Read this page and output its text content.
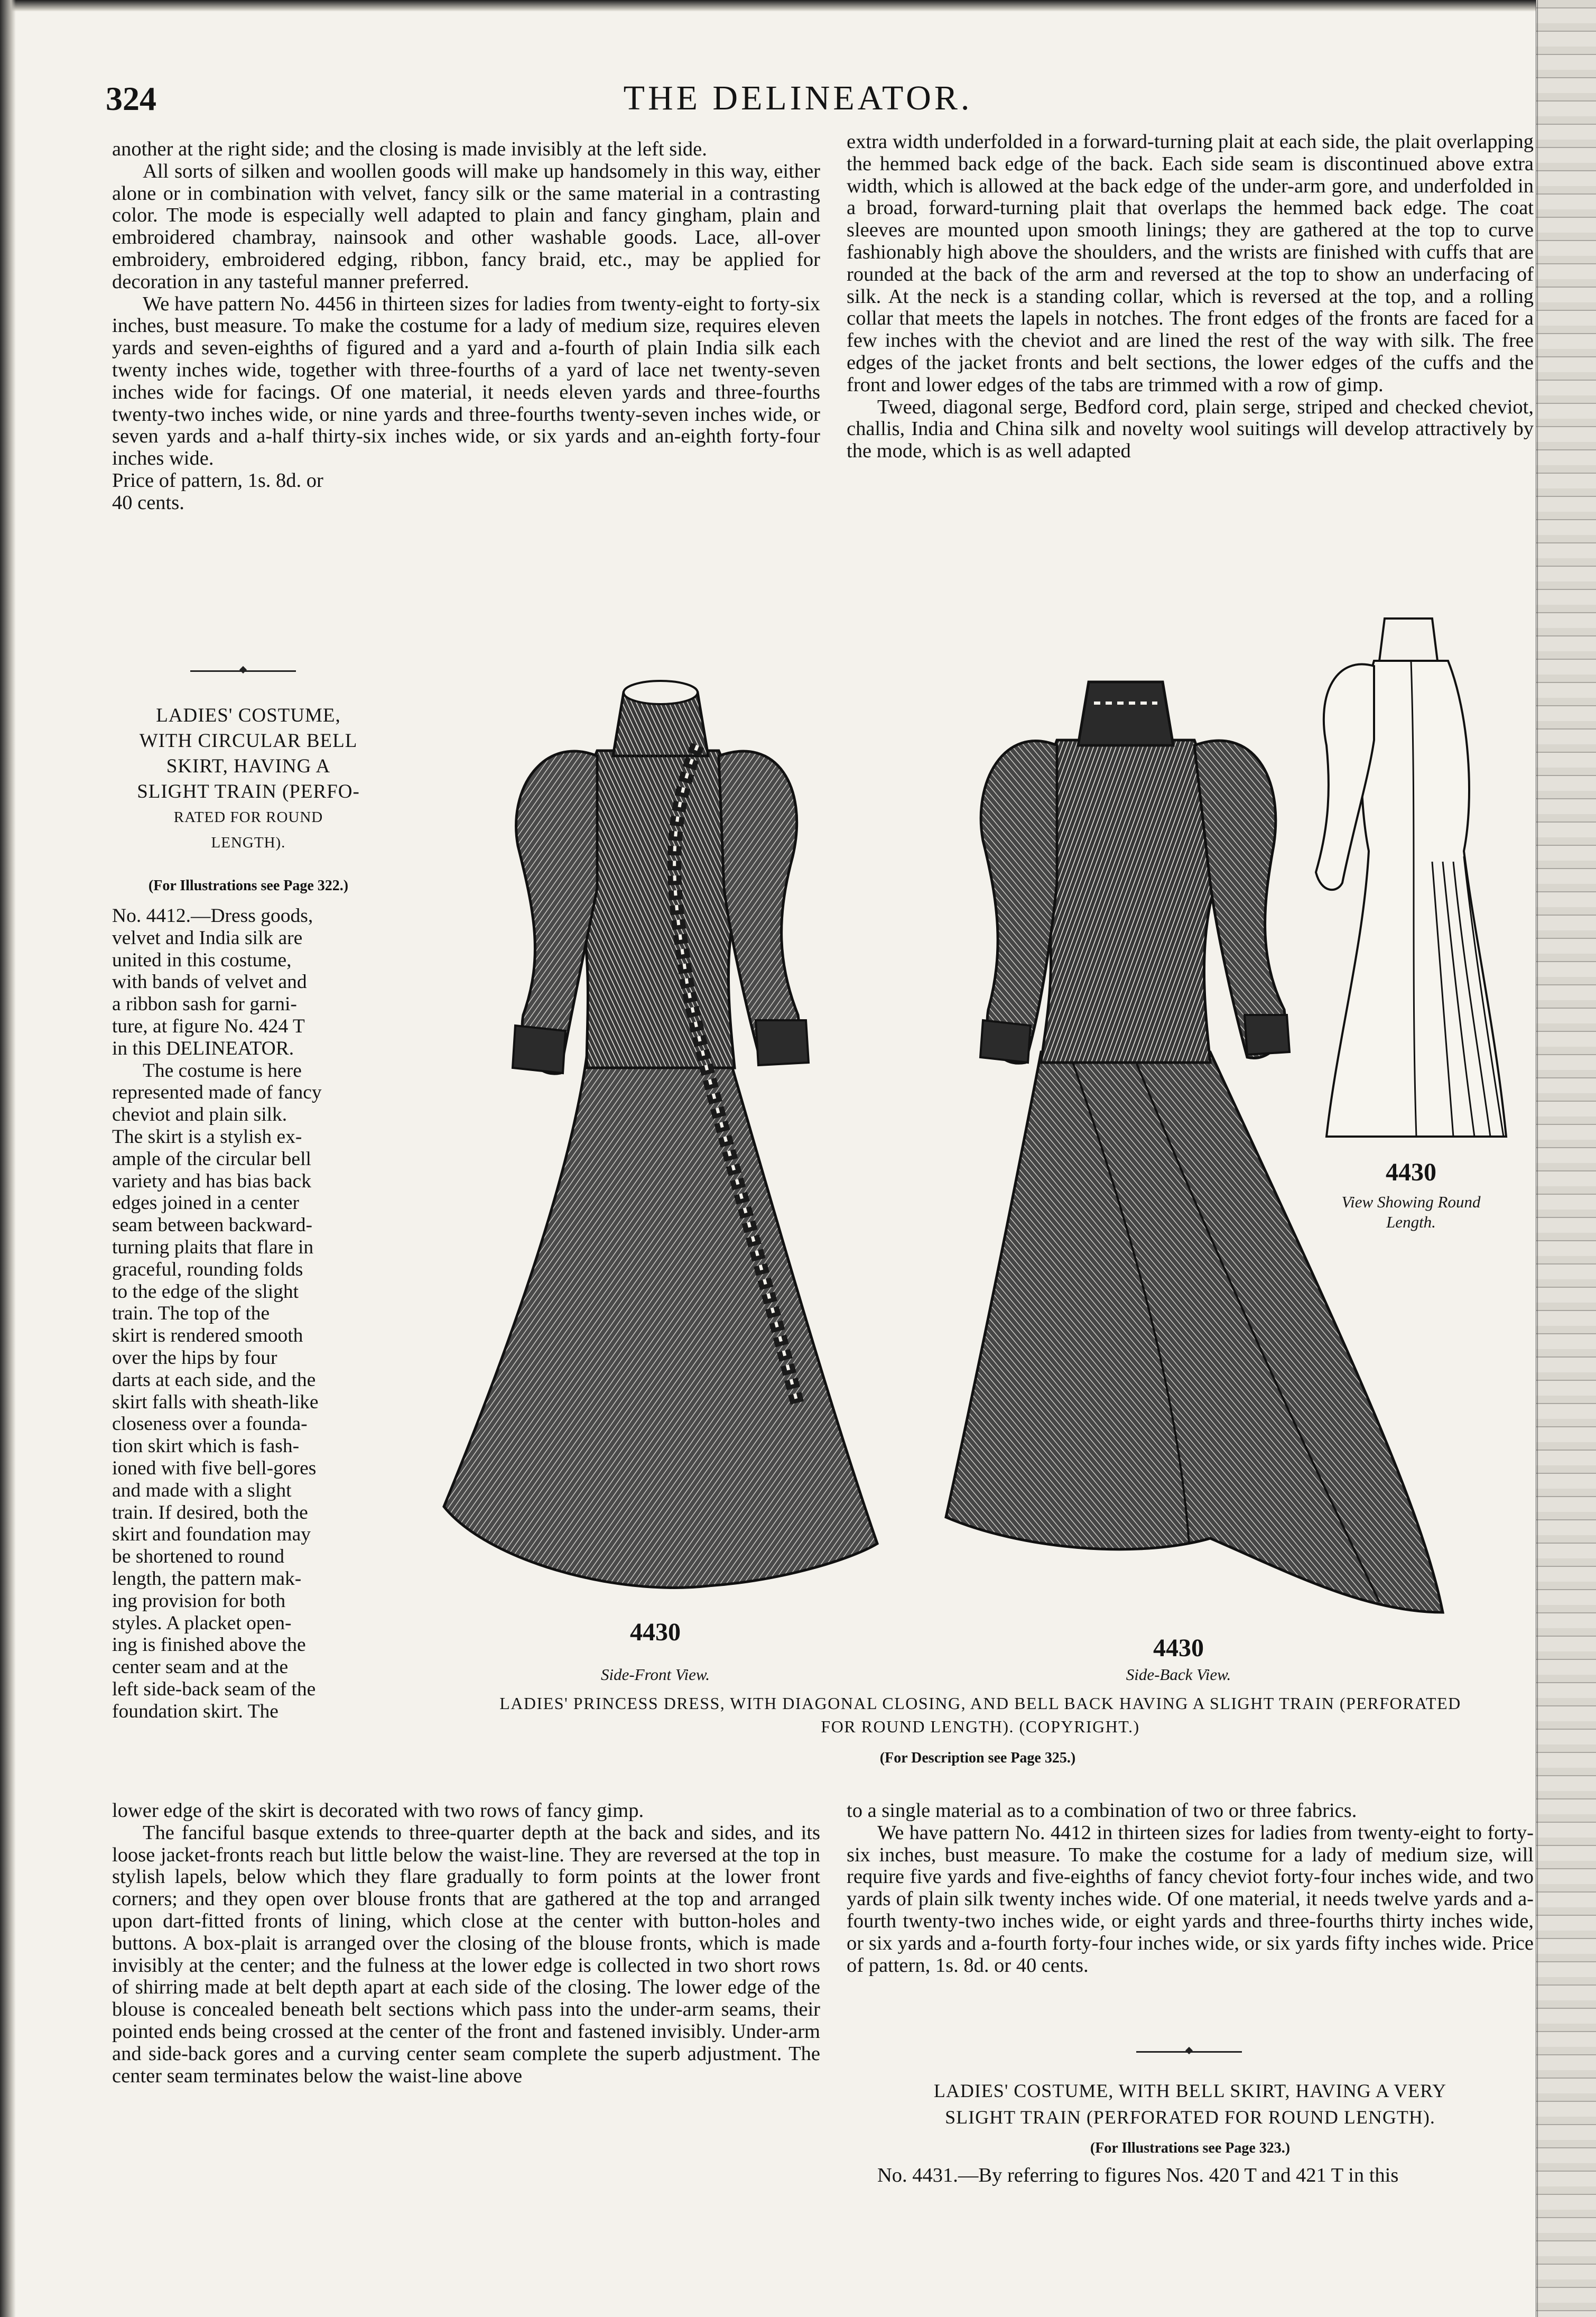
324	THE DELINEATOR.

another at the right side; and the closing is made invisibly at the left side.

All sorts of silken and woollen goods will make up handsomely in this way, either alone or in combination with velvet, fancy silk or the same material in a contrasting color. The mode is especially well adapted to plain and fancy gingham, plain and embroidered chambray, nainsook and other washable goods. Lace, all-over embroidery, embroidered edging, ribbon, fancy braid, etc., may be applied for decoration in any tasteful manner preferred.

We have pattern No. 4456 in thirteen sizes for ladies from twenty-eight to forty-six inches, bust measure. To make the costume for a lady of medium size, requires eleven yards and seven-eighths of figured and a yard and a-fourth of plain India silk each twenty inches wide, together with three-fourths of a yard of lace net twenty-seven inches wide for facings. Of one material, it needs eleven yards and three-fourths twenty-two inches wide, or nine yards and three-fourths twenty-seven inches wide, or seven yards and a-half thirty-six inches wide, or six yards and an-eighth forty-four inches wide.

Price of pattern, 1s. 8d. or

40 cents.

extra width underfolded in a forward-turning plait at each side, the plait overlapping the hemmed back edge of the back. Each side seam is discontinued above extra width, which is allowed at the back edge of the under-arm gore, and underfolded in a broad, forward-turning plait that overlaps the hemmed back edge. The coat sleeves are mounted upon smooth linings; they are gathered at the top to curve fashionably high above the shoulders, and the wrists are finished with cuffs that are rounded at the back of the arm and reversed at the top to show an underfacing of silk. At the neck is a standing collar, which is reversed at the top, and a rolling collar that meets the lapels in notches. The front edges of the fronts are faced for a few inches with the cheviot and are lined the rest of the way with silk. The free edges of the jacket fronts and belt sections, the lower edges of the cuffs and the front and lower edges of the tabs are trimmed with a row of gimp.

Tweed, diagonal serge, Bedford cord, plain serge, striped and checked cheviot, challis, India and China silk and novelty wool suitings will develop attractively by the mode, which is as well adapted

LADIES' COSTUME,
WITH CIRCULAR BELL
SKIRT, HAVING A
SLIGHT TRAIN (PERFO-
RATED FOR ROUND
LENGTH).
(For Illustrations see Page 322.)
No. 4412.—Dress goods,
velvet and India silk are
united in this costume,
with bands of velvet and
a ribbon sash for garni-
ture, at figure No. 424 T
in this DELINEATOR.
The costume is here
represented made of fancy
cheviot and plain silk.
The skirt is a stylish ex-
ample of the circular bell
variety and has bias back
edges joined in a center
seam between backward-
turning plaits that flare in
graceful, rounding folds
to the edge of the slight
train. The top of the
skirt is rendered smooth
over the hips by four
darts at each side, and the
skirt falls with sheath-like
closeness over a founda-
tion skirt which is fash-
ioned with five bell-gores
and made with a slight
train. If desired, both the
skirt and foundation may
be shortened to round
length, the pattern mak-
ing provision for both
styles. A placket open-
ing is finished above the
center seam and at the
left side-back seam of the
foundation skirt. The
4430
Side-Front View.
4430
Side-Back View.
4430
View Showing Round
Length.
LADIES' PRINCESS DRESS, WITH DIAGONAL CLOSING, AND BELL BACK HAVING A SLIGHT TRAIN (PERFORATED
FOR ROUND LENGTH). (COPYRIGHT.)
(For Description see Page 325.)

lower edge of the skirt is decorated with two rows of fancy gimp.

The fanciful basque extends to three-quarter depth at the back and sides, and its loose jacket-fronts reach but little below the waist-line. They are reversed at the top in stylish lapels, below which they flare gradually to form points at the lower front corners; and they open over blouse fronts that are gathered at the top and arranged upon dart-fitted fronts of lining, which close at the center with button-holes and buttons. A box-plait is arranged over the closing of the blouse fronts, which is made invisibly at the center; and the fulness at the lower edge is collected in two short rows of shirring made at belt depth apart at each side of the closing. The lower edge of the blouse is concealed beneath belt sections which pass into the under-arm seams, their pointed ends being crossed at the center of the front and fastened invisibly. Under-arm and side-back gores and a curving center seam complete the superb adjustment. The center seam terminates below the waist-line above

to a single material as to a combination of two or three fabrics.

We have pattern No. 4412 in thirteen sizes for ladies from twenty-eight to forty-six inches, bust measure. To make the costume for a lady of medium size, will require five yards and five-eighths of fancy cheviot forty-four inches wide, and two yards of plain silk twenty inches wide. Of one material, it needs twelve yards and a-fourth twenty-two inches wide, or eight yards and three-fourths thirty inches wide, or six yards and a-fourth forty-four inches wide, or six yards fifty inches wide. Price of pattern, 1s. 8d. or 40 cents.

LADIES' COSTUME, WITH BELL SKIRT, HAVING A VERY
SLIGHT TRAIN (PERFORATED FOR ROUND LENGTH).
(For Illustrations see Page 323.)

No. 4431.—By referring to figures Nos. 420 T and 421 T in this
